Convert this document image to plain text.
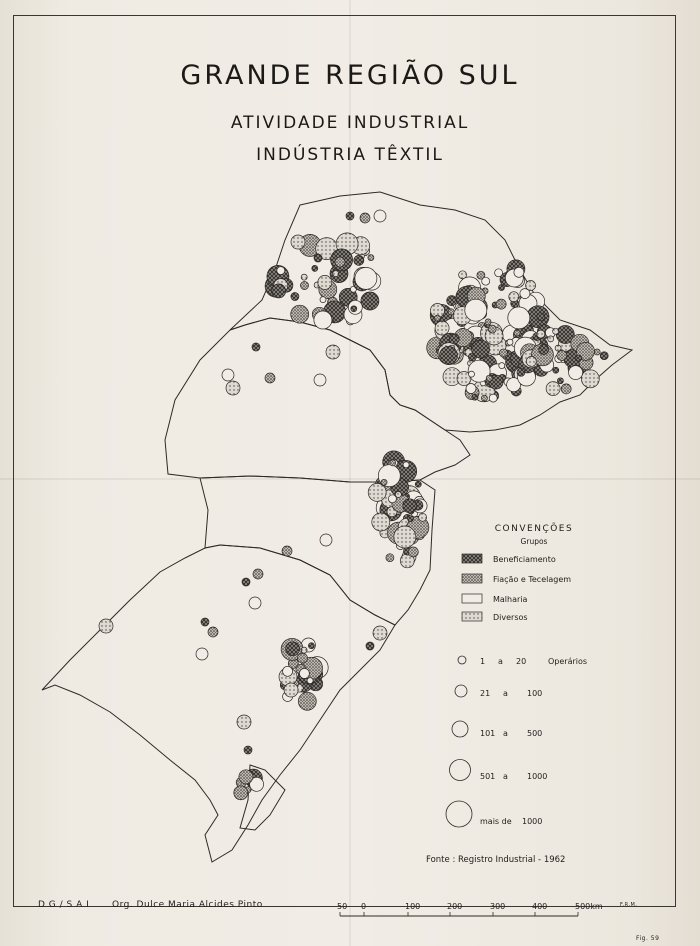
GRANDE REGIÃO SUL
ATIVIDADE INDUSTRIAL
INDÚSTRIA TÊXTIL
CONVENÇÕES
Grupos
Beneficiamento
Fiação e Tecelagem
Malharia
Diversos
1 a 20	Operários
21 a 100
101 a 500
501 a 1000
mais de 1000
Fonte : Registro Industrial - 1962
50 0	100	200	300	400	500km
D G / S A I	Org. Dulce Maria Alcides Pinto
Fig. 59
F.R.M.
